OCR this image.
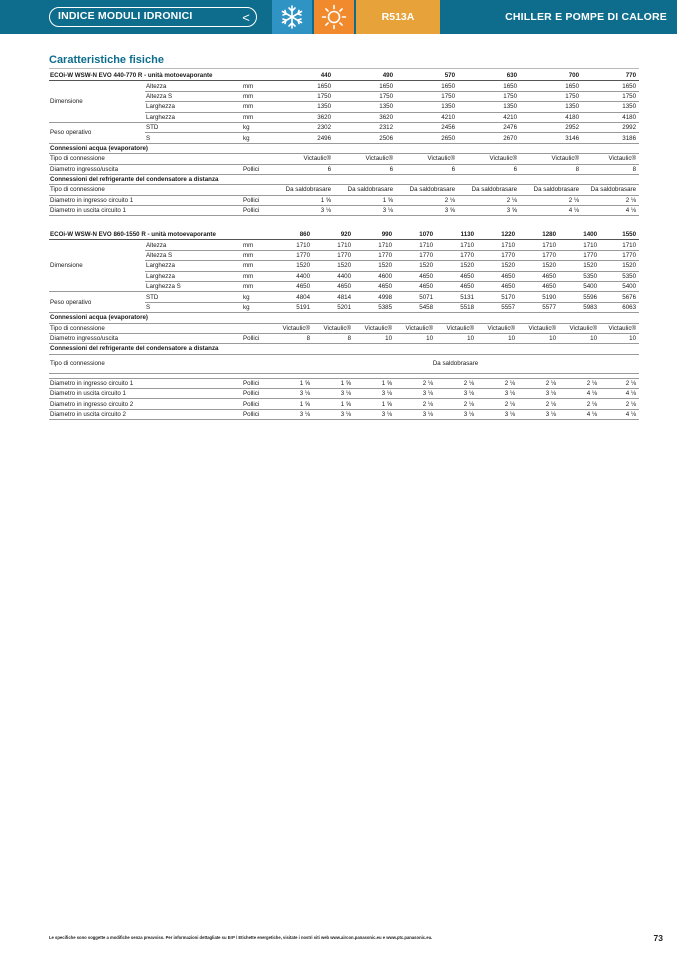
INDICE MODULI IDRONICI	<	R513A	CHILLER E POMPE DI CALORE
Caratteristiche fisiche
ECOi-W WSW-N EVO 440-770 R - unità motoevaporante			440	490	570	630	700	770
Dimensione	Altezza	mm	1650	1650	1650	1650	1650	1650
	Altezza S	mm	1750	1750	1750	1750	1750	1750
	Larghezza	mm	1350	1350	1350	1350	1350	1350
	Larghezza	mm	3620	3620	4210	4210	4180	4180
Peso operativo	STD	kg	2302	2312	2456	2476	2952	2992
	S	kg	2496	2506	2650	2670	3146	3186
Connessioni acqua (evaporatore)								
Tipo di connessione			Victaulic®	Victaulic®	Victaulic®	Victaulic®	Victaulic®	Victaulic®
Diametro ingresso/uscita		Pollici	6	6	6	6	8	8
Connessioni del refrigerante del condensatore a distanza								
Tipo di connessione			Da saldobrasare	Da saldobrasare	Da saldobrasare	Da saldobrasare	Da saldobrasare	Da saldobrasare
Diametro in ingresso circuito 1		Pollici	1 ⅝	1 ⅝	2 ⅛	2 ⅛	2 ⅛	2 ⅛
Diametro in uscita circuito 1		Pollici	3 ⅛	3 ⅛	3 ⅝	3 ⅝	4 ⅛	4 ⅛
ECOi-W WSW-N EVO 860-1550 R - unità motoevaporante			860	920	990	1070	1130	1220	1280	1400	1550
Dimensione	Altezza	mm	1710	1710	1710	1710	1710	1710	1710	1710	1710
	Altezza S	mm	1770	1770	1770	1770	1770	1770	1770	1770	1770
	Larghezza	mm	1520	1520	1520	1520	1520	1520	1520	1520	1520
	Larghezza	mm	4400	4400	4600	4650	4650	4650	4650	5350	5350
	Larghezza S	mm	4650	4650	4650	4650	4650	4650	4650	5400	5400
Peso operativo	STD	kg	4804	4814	4998	5071	5131	5170	5190	5596	5676
	S	kg	5191	5201	5385	5458	5518	5557	5577	5983	6063
Connessioni acqua (evaporatore)											
Tipo di connessione			Victaulic®	Victaulic®	Victaulic®	Victaulic®	Victaulic®	Victaulic®	Victaulic®	Victaulic®	Victaulic®
Diametro ingresso/uscita		Pollici	8	8	10	10	10	10	10	10	10
Connessioni del refrigerante del condensatore a distanza											
Tipo di connessione			Da saldobrasare								

Diametro in ingresso circuito 1		Pollici	1 ⅝	1 ⅝	1 ⅝	2 ⅛	2 ⅛	2 ⅛	2 ⅛	2 ⅛	2 ⅛
Diametro in uscita circuito 1		Pollici	3 ⅛	3 ⅛	3 ⅛	3 ⅛	3 ⅛	3 ⅛	3 ⅛	4 ⅛	4 ⅛
Diametro in ingresso circuito 2		Pollici	1 ⅝	1 ⅝	1 ⅝	2 ⅛	2 ⅛	2 ⅛	2 ⅛	2 ⅛	2 ⅛
Diametro in uscita circuito 2		Pollici	3 ⅛	3 ⅛	3 ⅛	3 ⅛	3 ⅛	3 ⅛	3 ⅛	4 ⅛	4 ⅛
Le specifiche sono soggette a modifiche senza preavviso. Per informazioni dettagliate su ErP / Etichette energetiche, visitate i nostri siti web www.aircon.panasonic.eu e www.ptc.panasonic.eu.	73
